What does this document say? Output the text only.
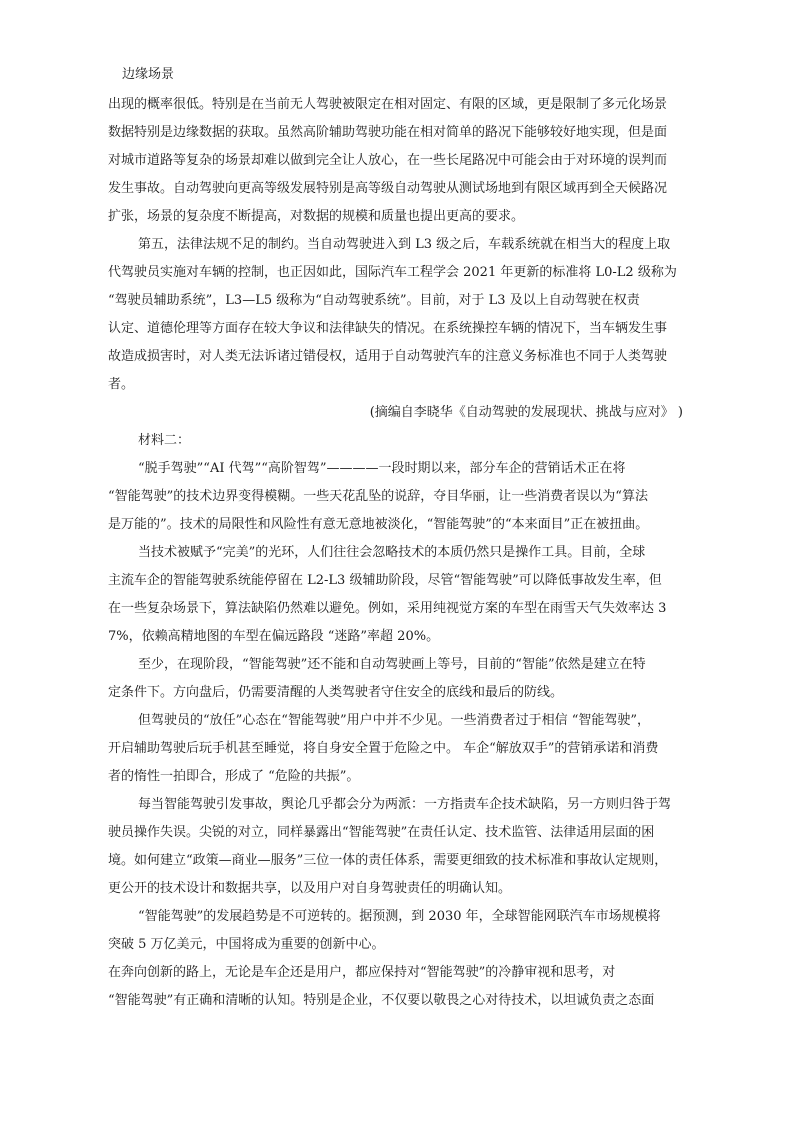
边缘场景
出现的概率很低。特别是在当前无人驾驶被限定在相对固定、有限的区域，更是限制了多元化场景
数据特别是边缘数据的获取。虽然高阶辅助驾驶功能在相对简单的路况下能够较好地实现，但是面
对城市道路等复杂的场景却难以做到完全让人放心，在一些长尾路况中可能会由于对环境的误判而
发生事故。自动驾驶向更高等级发展特别是高等级自动驾驶从测试场地到有限区域再到全天候路况
扩张，场景的复杂度不断提高，对数据的规模和质量也提出更高的要求。
第五，法律法规不足的制约。当自动驾驶进入到 L3 级之后，车载系统就在相当大的程度上取
代驾驶员实施对车辆的控制，也正因如此，国际汽车工程学会 2021 年更新的标准将 L0-L2 级称为
“驾驶员辅助系统”，L3—L5 级称为“自动驾驶系统”。目前，对于 L3 及以上自动驾驶在权责
认定、道德伦理等方面存在较大争议和法律缺失的情况。在系统操控车辆的情况下，当车辆发生事
故造成损害时，对人类无法诉诸过错侵权，适用于自动驾驶汽车的注意义务标准也不同于人类驾驶
者。
(摘编自李晓华《自动驾驶的发展现状、挑战与应对》 )
材料二：
“脱手驾驶”“AI 代驾”“高阶智驾”————一段时期以来，部分车企的营销话术正在将
“智能驾驶”的技术边界变得模糊。一些天花乱坠的说辞，夺目华丽，让一些消费者误以为“算法
是万能的”。技术的局限性和风险性有意无意地被淡化，“智能驾驶”的“本来面目”正在被扭曲。
当技术被赋予“完美”的光环，人们往往会忽略技术的本质仍然只是操作工具。目前，全球
主流车企的智能驾驶系统能停留在 L2-L3 级辅助阶段，尽管“智能驾驶”可以降低事故发生率，但
在一些复杂场景下，算法缺陷仍然难以避免。例如，采用纯视觉方案的车型在雨雪天气失效率达 3
7%，依赖高精地图的车型在偏远路段 “迷路”率超 20%。
至少，在现阶段，“智能驾驶”还不能和自动驾驶画上等号，目前的“智能”依然是建立在特
定条件下。方向盘后，仍需要清醒的人类驾驶者守住安全的底线和最后的防线。
但驾驶员的“放任”心态在“智能驾驶”用户中并不少见。一些消费者过于相信 “智能驾驶”，
开启辅助驾驶后玩手机甚至睡觉，将自身安全置于危险之中。 车企“解放双手”的营销承诺和消费
者的惰性一拍即合，形成了 “危险的共振”。
每当智能驾驶引发事故，舆论几乎都会分为两派：一方指责车企技术缺陷，另一方则归咎于驾
驶员操作失误。尖锐的对立，同样暴露出“智能驾驶”在责任认定、技术监管、法律适用层面的困
境。如何建立“政策—商业—服务”三位一体的责任体系，需要更细致的技术标准和事故认定规则，
更公开的技术设计和数据共享，以及用户对自身驾驶责任的明确认知。
“智能驾驶”的发展趋势是不可逆转的。据预测，到 2030 年，全球智能网联汽车市场规模将
突破 5 万亿美元，中国将成为重要的创新中心。
在奔向创新的路上，无论是车企还是用户，都应保持对“智能驾驶”的冷静审视和思考，对
“智能驾驶”有正确和清晰的认知。特别是企业，不仅要以敬畏之心对待技术，以坦诚负责之态面
